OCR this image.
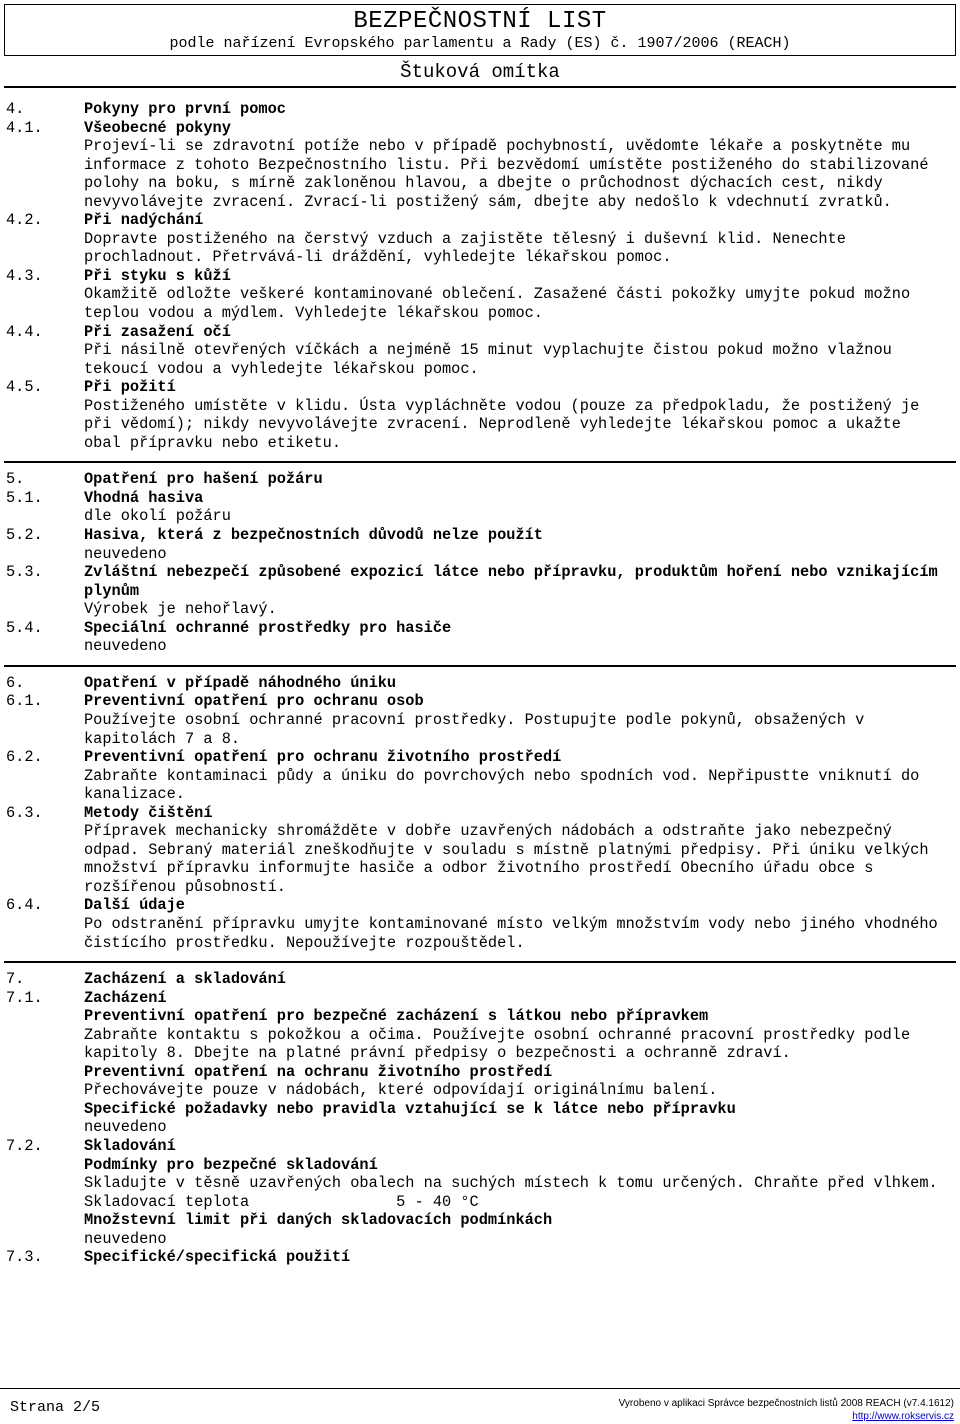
BEZPEČNOSTNÍ LIST
podle nařízení Evropského parlamentu a Rady (ES) č. 1907/2006 (REACH)
Štuková omítka
4.	Pokyny pro první pomoc
4.1.	Všeobecné pokyny
Projeví-li se zdravotní potíže nebo v případě pochybností, uvědomte lékaře a poskytněte mu informace z tohoto Bezpečnostního listu. Při bezvědomí umístěte postiženého do stabilizované polohy na boku, s mírně zakloněnou hlavou, a dbejte o průchodnost dýchacích cest, nikdy nevyvolávejte zvracení. Zvrací-li postižený sám, dbejte aby nedošlo k vdechnutí zvratků.
4.2.	Při nadýchání
Dopravte postiženého na čerstvý vzduch a zajistěte tělesný i duševní klid. Nenechte prochladnout. Přetrvává-li dráždění, vyhledejte lékařskou pomoc.
4.3.	Při styku s kůží
Okamžitě odložte veškeré kontaminované oblečení. Zasažené části pokožky umyjte pokud možno teplou vodou a mýdlem. Vyhledejte lékařskou pomoc.
4.4.	Při zasažení očí
Při násilně otevřených víčkách a nejméně 15 minut vyplachujte čistou pokud možno vlažnou tekoucí vodou a vyhledejte lékařskou pomoc.
4.5.	Při požití
Postiženého umístěte v klidu. Ústa vypláchněte vodou (pouze za předpokladu, že postižený je při vědomí); nikdy nevyvolávejte zvracení. Neprodleně vyhledejte lékařskou pomoc a ukažte obal přípravku nebo etiketu.
5.	Opatření pro hašení požáru
5.1.	Vhodná hasiva
dle okolí požáru
5.2.	Hasiva, která z bezpečnostních důvodů nelze použít
neuvedeno
5.3.	Zvláštní nebezpečí způsobené expozicí látce nebo přípravku, produktům hoření nebo vznikajícím plynům
Výrobek je nehořlavý.
5.4.	Speciální ochranné prostředky pro hasiče
neuvedeno
6.	Opatření v případě náhodného úniku
6.1.	Preventivní opatření pro ochranu osob
Používejte osobní ochranné pracovní prostředky. Postupujte podle pokynů, obsažených v kapitolách 7 a 8.
6.2.	Preventivní opatření pro ochranu životního prostředí
Zabraňte kontaminaci půdy a úniku do povrchových nebo spodních vod. Nepřipustte vniknutí do kanalizace.
6.3.	Metody čištění
Přípravek mechanicky shromážděte v dobře uzavřených nádobách a odstraňte jako nebezpečný odpad. Sebraný materiál zneškodňujte v souladu s místně platnými předpisy. Při úniku velkých množství přípravku informujte hasiče a odbor životního prostředí Obecního úřadu obce s rozšířenou působností.
6.4.	Další údaje
Po odstranění přípravku umyjte kontaminované místo velkým množstvím vody nebo jiného vhodného čistícího prostředku. Nepoužívejte rozpouštědel.
7.	Zacházení a skladování
7.1.	Zacházení
Preventivní opatření pro bezpečné zacházení s látkou nebo přípravkem
Zabraňte kontaktu s pokožkou a očima. Používejte osobní ochranné pracovní prostředky podle kapitoly 8. Dbejte na platné právní předpisy o bezpečnosti a ochranně zdraví.
Preventivní opatření na ochranu životního prostředí
Přechovávejte pouze v nádobách, které odpovídají originálnímu balení.
Specifické požadavky nebo pravidla vztahující se k látce nebo přípravku
neuvedeno
7.2.	Skladování
Podmínky pro bezpečné skladování
Skladujte v těsně uzavřených obalech na suchých místech k tomu určených. Chraňte před vlhkem.
Skladovací teplota                5 - 40 °C
Množstevní limit při daných skladovacích podmínkách
neuvedeno
7.3.	Specifické/specifická použití
Strana 2/5	Vyrobeno v aplikaci Správce bezpečnostních listů 2008 REACH (v7.4.1612)
http://www.rokservis.cz
